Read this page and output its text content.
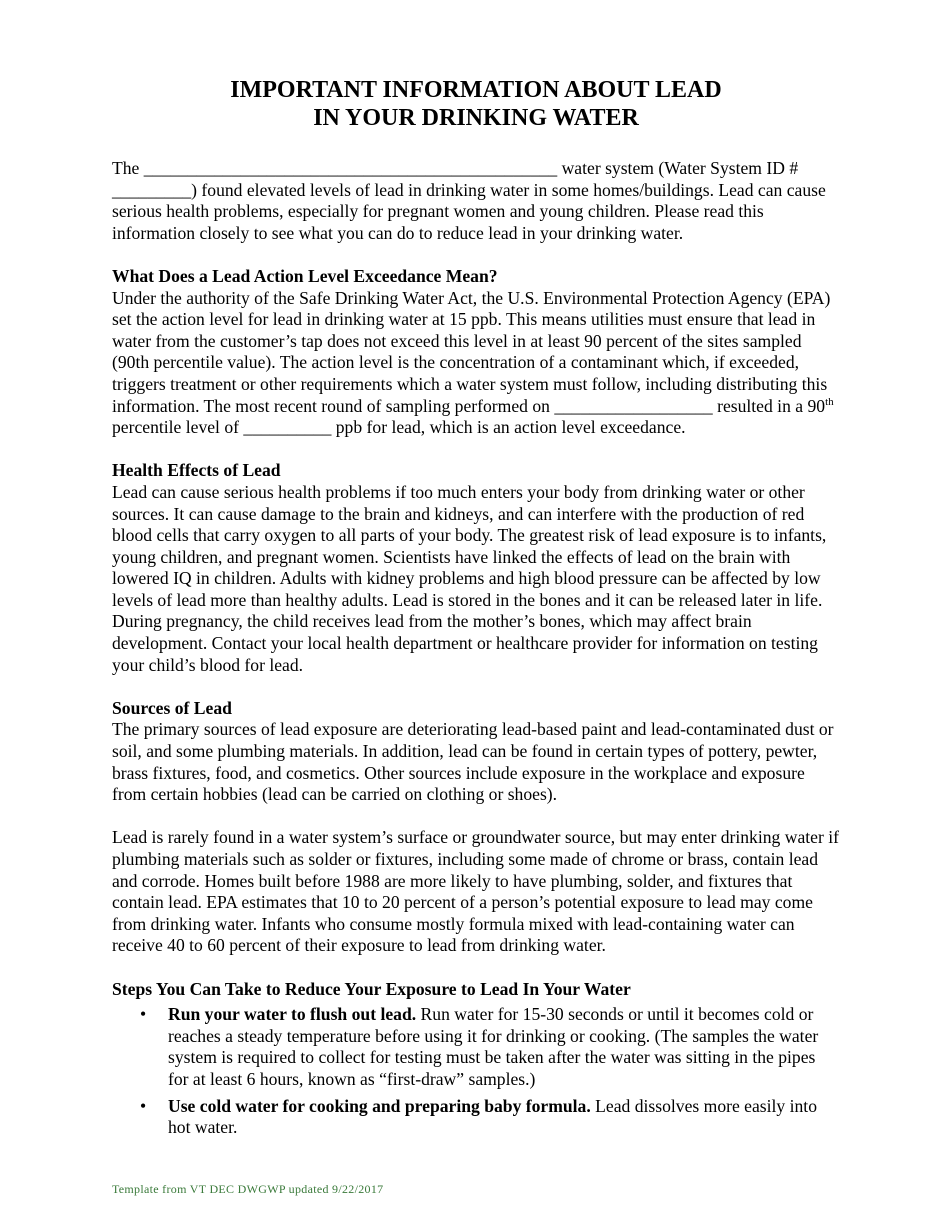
IMPORTANT INFORMATION ABOUT LEAD
IN YOUR DRINKING WATER

The _______________________________________________ water system (Water System ID # _________) found elevated levels of lead in drinking water in some homes/buildings. Lead can cause serious health problems, especially for pregnant women and young children. Please read this information closely to see what you can do to reduce lead in your drinking water.

What Does a Lead Action Level Exceedance Mean?

Under the authority of the Safe Drinking Water Act, the U.S. Environmental Protection Agency (EPA) set the action level for lead in drinking water at 15 ppb. This means utilities must ensure that lead in water from the customer’s tap does not exceed this level in at least 90 percent of the sites sampled (90th percentile value). The action level is the concentration of a contaminant which, if exceeded, triggers treatment or other requirements which a water system must follow, including distributing this information. The most recent round of sampling performed on __________________ resulted in a 90th percentile level of __________ ppb for lead, which is an action level exceedance.

Health Effects of Lead

Lead can cause serious health problems if too much enters your body from drinking water or other sources. It can cause damage to the brain and kidneys, and can interfere with the production of red blood cells that carry oxygen to all parts of your body. The greatest risk of lead exposure is to infants, young children, and pregnant women. Scientists have linked the effects of lead on the brain with lowered IQ in children. Adults with kidney problems and high blood pressure can be affected by low levels of lead more than healthy adults. Lead is stored in the bones and it can be released later in life. During pregnancy, the child receives lead from the mother’s bones, which may affect brain development. Contact your local health department or healthcare provider for information on testing your child’s blood for lead.

Sources of Lead

The primary sources of lead exposure are deteriorating lead-based paint and lead-contaminated dust or soil, and some plumbing materials. In addition, lead can be found in certain types of pottery, pewter, brass fixtures, food, and cosmetics. Other sources include exposure in the workplace and exposure from certain hobbies (lead can be carried on clothing or shoes).

Lead is rarely found in a water system’s surface or groundwater source, but may enter drinking water if plumbing materials such as solder or fixtures, including some made of chrome or brass, contain lead and corrode. Homes built before 1988 are more likely to have plumbing, solder, and fixtures that contain lead. EPA estimates that 10 to 20 percent of a person’s potential exposure to lead may come from drinking water. Infants who consume mostly formula mixed with lead-containing water can receive 40 to 60 percent of their exposure to lead from drinking water.

Steps You Can Take to Reduce Your Exposure to Lead In Your Water
• Run your water to flush out lead. Run water for 15-30 seconds or until it becomes cold or reaches a steady temperature before using it for drinking or cooking. (The samples the water system is required to collect for testing must be taken after the water was sitting in the pipes for at least 6 hours, known as “first-draw” samples.)
• Use cold water for cooking and preparing baby formula. Lead dissolves more easily into hot water.
Template from VT DEC DWGWP updated 9/22/2017
